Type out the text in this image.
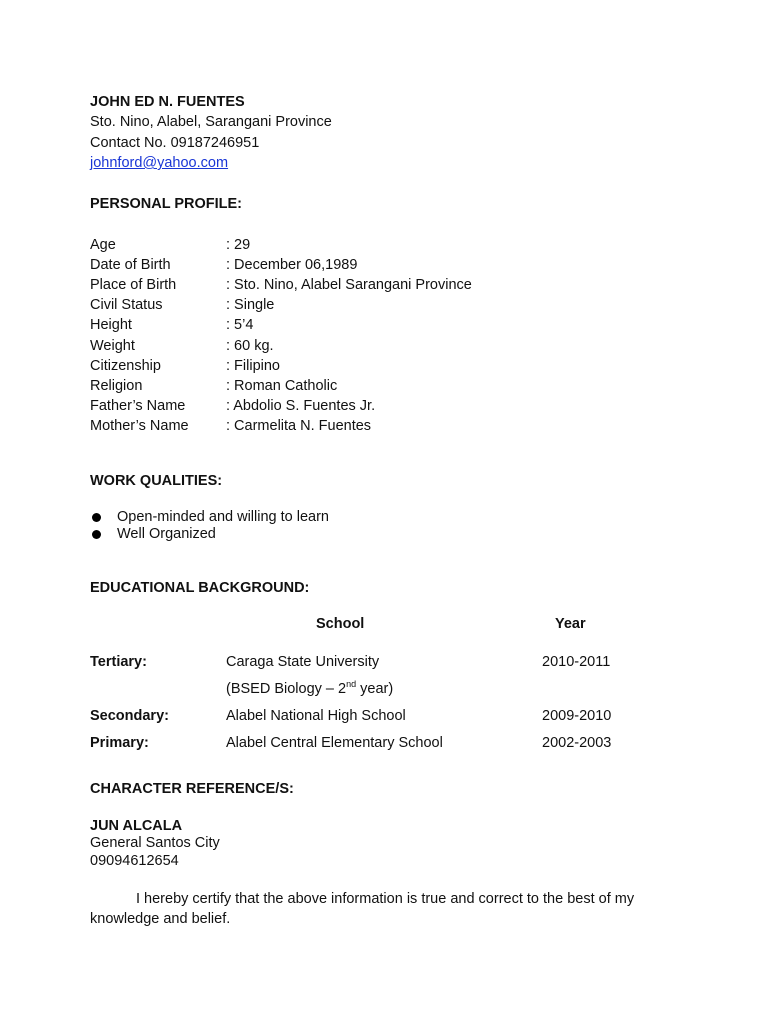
JOHN ED N. FUENTES
Sto. Nino, Alabel, Sarangani Province
Contact No. 09187246951
johnford@yahoo.com
PERSONAL PROFILE:
Age	: 29
Date of Birth	: December 06,1989
Place of Birth	: Sto. Nino, Alabel Sarangani Province
Civil Status	: Single
Height	: 5’4
Weight	: 60 kg.
Citizenship	: Filipino
Religion	: Roman Catholic
Father’s Name	: Abdolio S. Fuentes Jr.
Mother’s Name	: Carmelita N. Fuentes
WORK QUALITIES:
Open-minded and willing to learn
Well Organized
EDUCATIONAL BACKGROUND:
School	Year
Tertiary:	Caraga State University	2010-2011
(BSED Biology – 2nd year)
Secondary:	Alabel National High School	2009-2010
Primary:	Alabel Central Elementary School	2002-2003
CHARACTER REFERENCE/S:
JUN ALCALA
General Santos City
09094612654
I hereby certify that the above information is true and correct to the best of my
knowledge and belief.
